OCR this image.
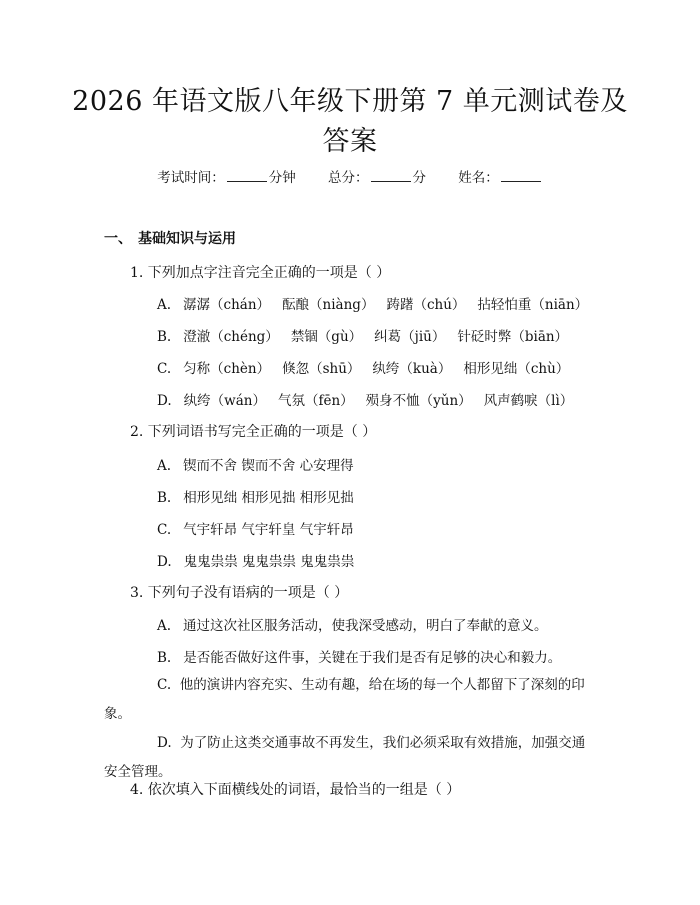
2026 年语文版八年级下册第 7 单元测试卷及
答案
考试时间：	分钟 总分：	分 姓名：
一、 基础知识与运用
1. 下列加点字注音完全正确的一项是（ ）
A. 潺潺（chán） 酝酿（niàng） 踌躇（chú） 拈轻怕重（niān）
B. 澄澈（chéng） 禁锢（gù） 纠葛（jiū） 针砭时弊（biān）
C. 匀称（chèn） 倏忽（shū） 纨绔（kuà） 相形见绌（chù）
D. 纨绔（wán） 气氛（fēn） 殒身不恤（yǔn） 风声鹤唳（lì）
2. 下列词语书写完全正确的一项是（ ）
A. 锲而不舍 锲而不舍 心安理得
B. 相形见绌 相形见拙 相形见拙
C. 气宇轩昂 气宇轩皇 气宇轩昂
D. 鬼鬼祟祟 鬼鬼祟祟 鬼鬼祟祟
3. 下列句子没有语病的一项是（ ）
A. 通过这次社区服务活动，使我深受感动，明白了奉献的意义。
B. 是否能否做好这件事，关键在于我们是否有足够的决心和毅力。
C. 他的演讲内容充实、生动有趣，给在场的每一个人都留下了深刻的印象。
D. 为了防止这类交通事故不再发生，我们必须采取有效措施，加强交通安全管理。
4. 依次填入下面横线处的词语，最恰当的一组是（ ）
